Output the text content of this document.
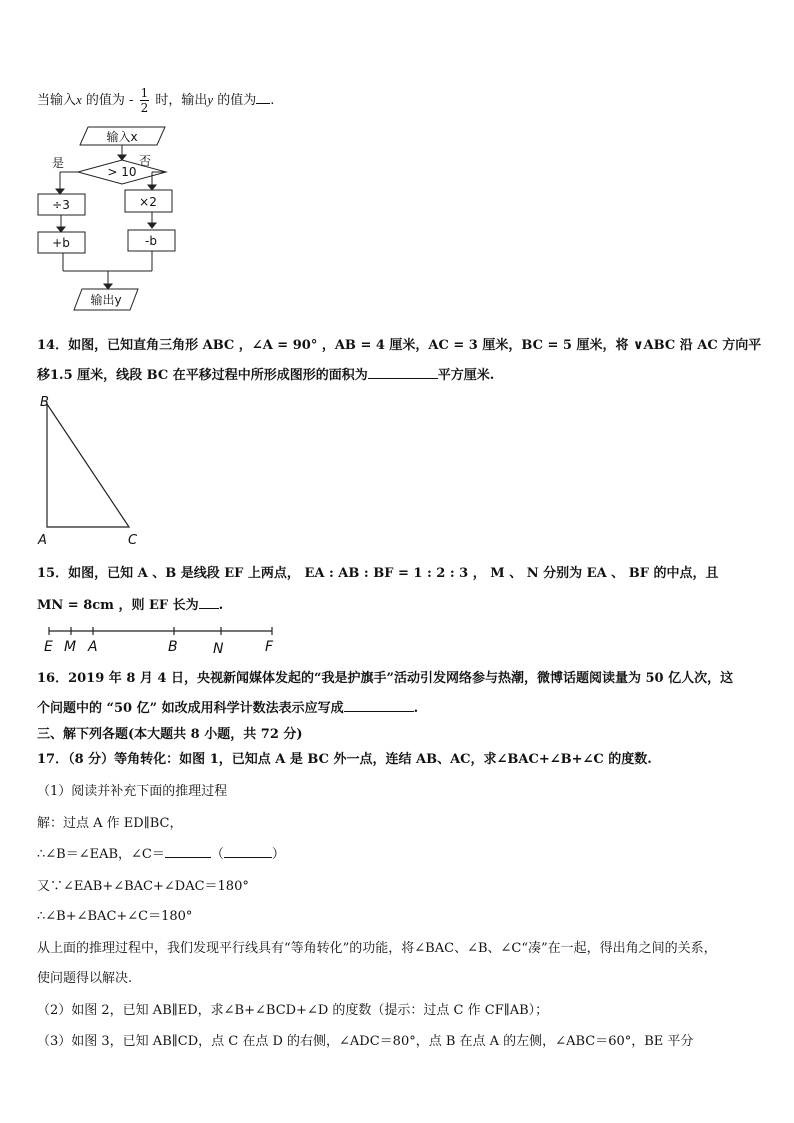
当输入x 的值为 - $\frac{1}{2}$ 时，输出y 的值为 .
输入x
> 10
是	否
÷3
+b
×2
-b
输出y
14．如图，已知直角三角形 ABC ，∠A = 90° ，AB = 4 厘米，AC = 3 厘米，BC = 5 厘米，将 ∨ABC 沿 AC 方向平
移1.5 厘米，线段 BC 在平移过程中所形成图形的面积为	平方厘米.
B
A	C
15．如图，已知 A 、B 是线段 EF 上两点， EA : AB : BF = 1 : 2 : 3 ， M 、 N 分别为 EA 、 BF 的中点，且
MN = 8cm ，则 EF 长为 .
E M A	B	N	F
16．2019 年 8 月 4 日，央视新闻媒体发起的“我是护旗手”活动引发网络参与热潮，微博话题阅读量为 50 亿人次，这
个问题中的 “50 亿” 如改成用科学计数法表示应写成	.
三、解下列各题(本大题共 8 小题，共 72 分)
17．（8 分）等角转化：如图 1，已知点 A 是 BC 外一点，连结 AB、AC，求∠BAC+∠B+∠C 的度数.
（1）阅读并补充下面的推理过程
解：过点 A 作 ED∥BC，
∴∠B＝∠EAB，∠C＝	（	）
又∵∠EAB+∠BAC+∠DAC＝180°
∴∠B+∠BAC+∠C＝180°
从上面的推理过程中，我们发现平行线具有“等角转化”的功能，将∠BAC、∠B、∠C“凑”在一起，得出角之间的关系，
使问题得以解决.
（2）如图 2，已知 AB∥ED，求∠B+∠BCD+∠D 的度数（提示：过点 C 作 CF∥AB）；
（3）如图 3，已知 AB∥CD，点 C 在点 D 的右侧，∠ADC＝80°，点 B 在点 A 的左侧，∠ABC＝60°，BE 平分
